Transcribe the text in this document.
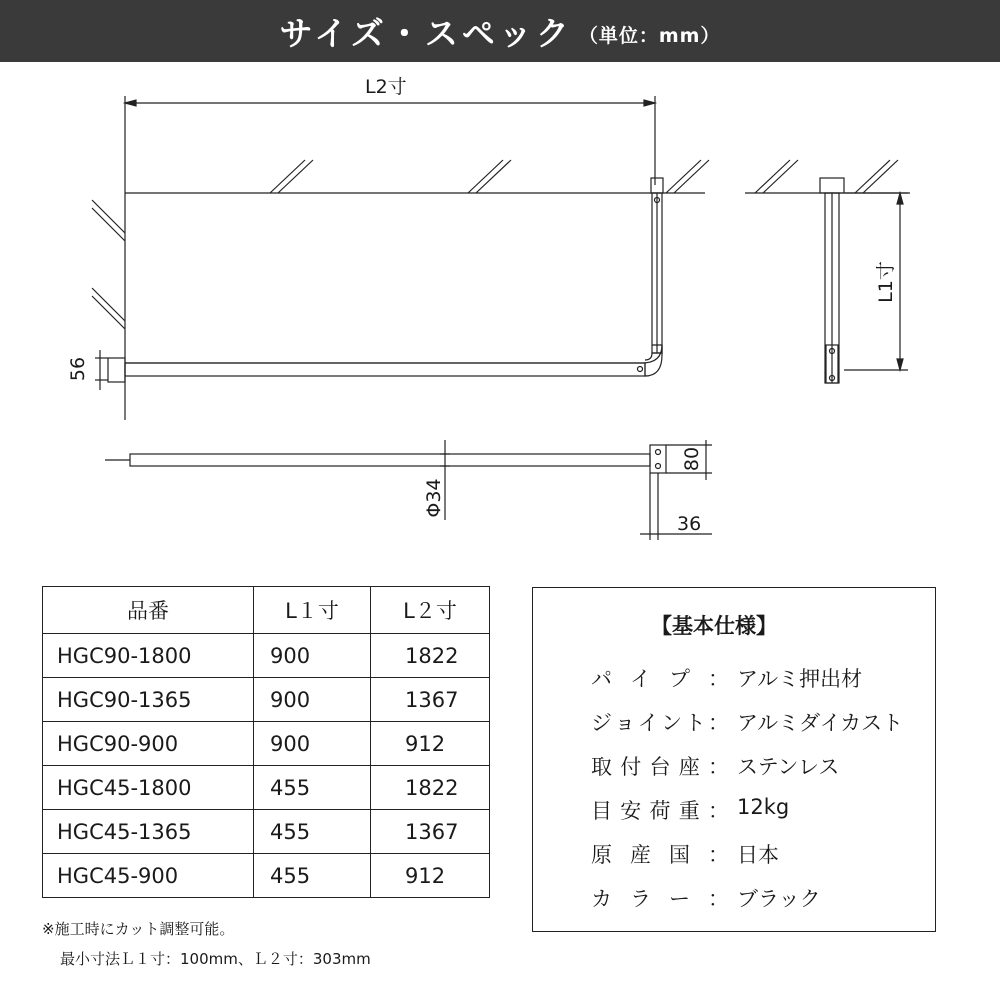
サイズ・スペック （単位：mm）
L2寸
L1寸
56
80
Φ34
36
品番	L１寸	L２寸
HGC90-1800	900	1822
HGC90-1365	900	1367
HGC90-900	900	912
HGC45-1800	455	1822
HGC45-1365	455	1367
HGC45-900	455	912
※施工時にカット調整可能。
最小寸法Ｌ１寸：100mm、Ｌ２寸：303mm
【基本仕様】
パ イ プ ： アルミ押出材
ジ ョ イ ン ト ： アルミダイカスト
取 付 台 座 ： ステンレス
目 安 荷 重 ： 12kg
原 産 国 ： 日本
カ ラ ー ： ブラック
